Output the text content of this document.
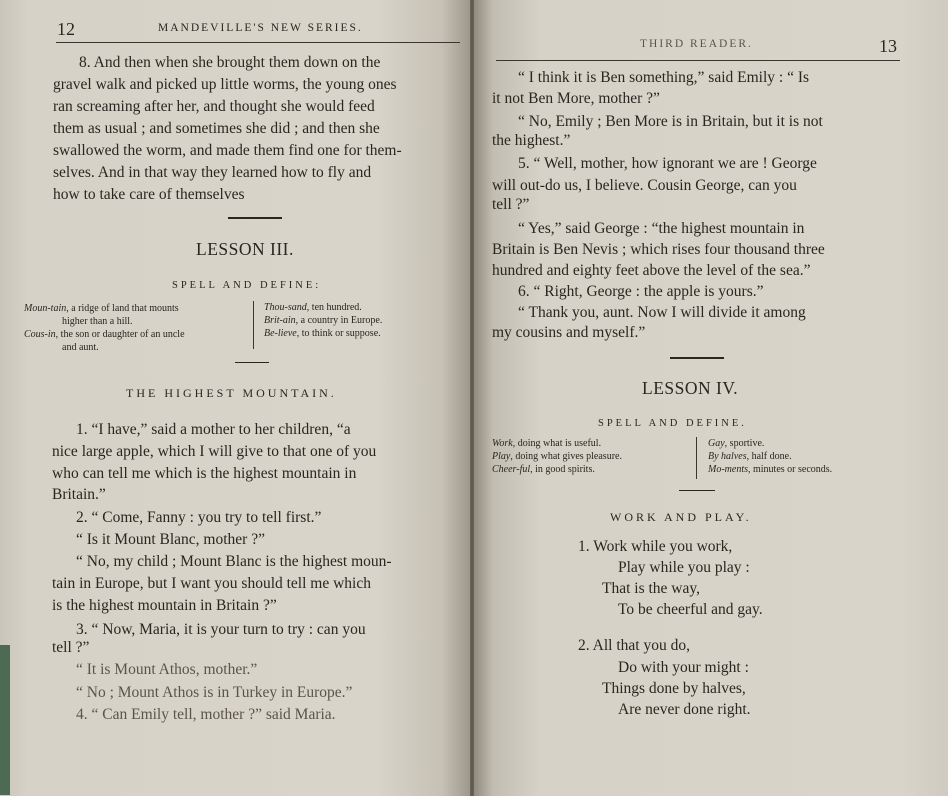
12	MANDEVILLE'S NEW SERIES.
8. And then when she brought them down on the
gravel walk and picked up little worms, the young ones
ran screaming after her, and thought she would feed
them as usual ; and sometimes she did ; and then she
swallowed the worm, and made them find one for them-
selves. And in that way they learned how to fly and
how to take care of themselves
LESSON III.
SPELL AND DEFINE:
Moun-tain, a ridge of land that mounts
higher than a hill.
Cous-in, the son or daughter of an uncle
and aunt.
Thou-sand, ten hundred.
Brit-ain, a country in Europe.
Be-lieve, to think or suppose.
THE HIGHEST MOUNTAIN.
1. “I have,” said a mother to her children, “a
nice large apple, which I will give to that one of you
who can tell me which is the highest mountain in
Britain.”
2. “ Come, Fanny : you try to tell first.”
“ Is it Mount Blanc, mother ?”
“ No, my child ; Mount Blanc is the highest moun-
tain in Europe, but I want you should tell me which
is the highest mountain in Britain ?”
3. “ Now, Maria, it is your turn to try : can you
tell ?”
“ It is Mount Athos, mother.”
“ No ; Mount Athos is in Turkey in Europe.”
4. “ Can Emily tell, mother ?” said Maria.
THIRD READER.	13
“ I think it is Ben something,” said Emily : “ Is
it not Ben More, mother ?”
“ No, Emily ; Ben More is in Britain, but it is not
the highest.”
5. “ Well, mother, how ignorant we are ! George
will out-do us, I believe. Cousin George, can you
tell ?”
“ Yes,” said George : “the highest mountain in
Britain is Ben Nevis ; which rises four thousand three
hundred and eighty feet above the level of the sea.”
6. “ Right, George : the apple is yours.”
“ Thank you, aunt. Now I will divide it among
my cousins and myself.”
LESSON IV.
SPELL AND DEFINE.
Work, doing what is useful.
Play, doing what gives pleasure.
Cheer-ful, in good spirits.
Gay, sportive.
By halves, half done.
Mo-ments, minutes or seconds.
WORK AND PLAY.
1. Work while you work,
Play while you play :
That is the way,
To be cheerful and gay.
2. All that you do,
Do with your might :
Things done by halves,
Are never done right.
